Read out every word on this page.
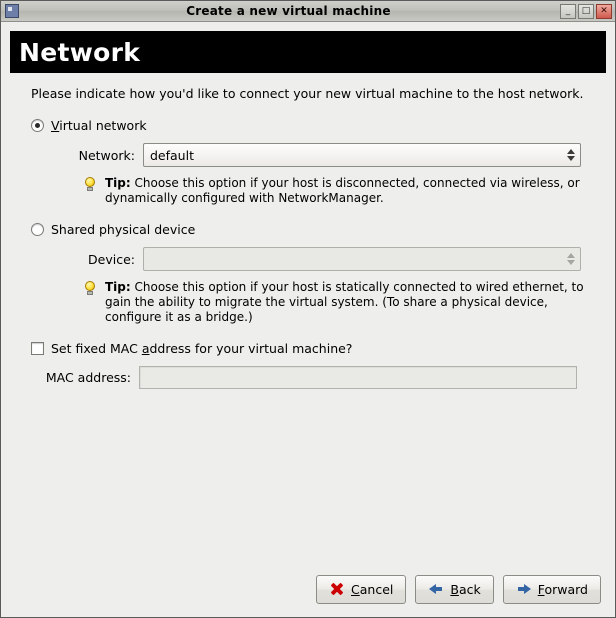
Create a new virtual machine	_	□	✕
Network

Please indicate how you'd like to connect your new virtual machine to the host network.

Virtual network
Network: default
Tip: Choose this option if your host is disconnected, connected via wireless, or dynamically configured with NetworkManager.
Shared physical device
Device:
Tip: Choose this option if your host is statically connected to wired ethernet, to gain the ability to migrate the virtual system. (To share a physical device, configure it as a bridge.)
Set fixed MAC address for your virtual machine?
MAC address:
Cancel	Back	Forward
